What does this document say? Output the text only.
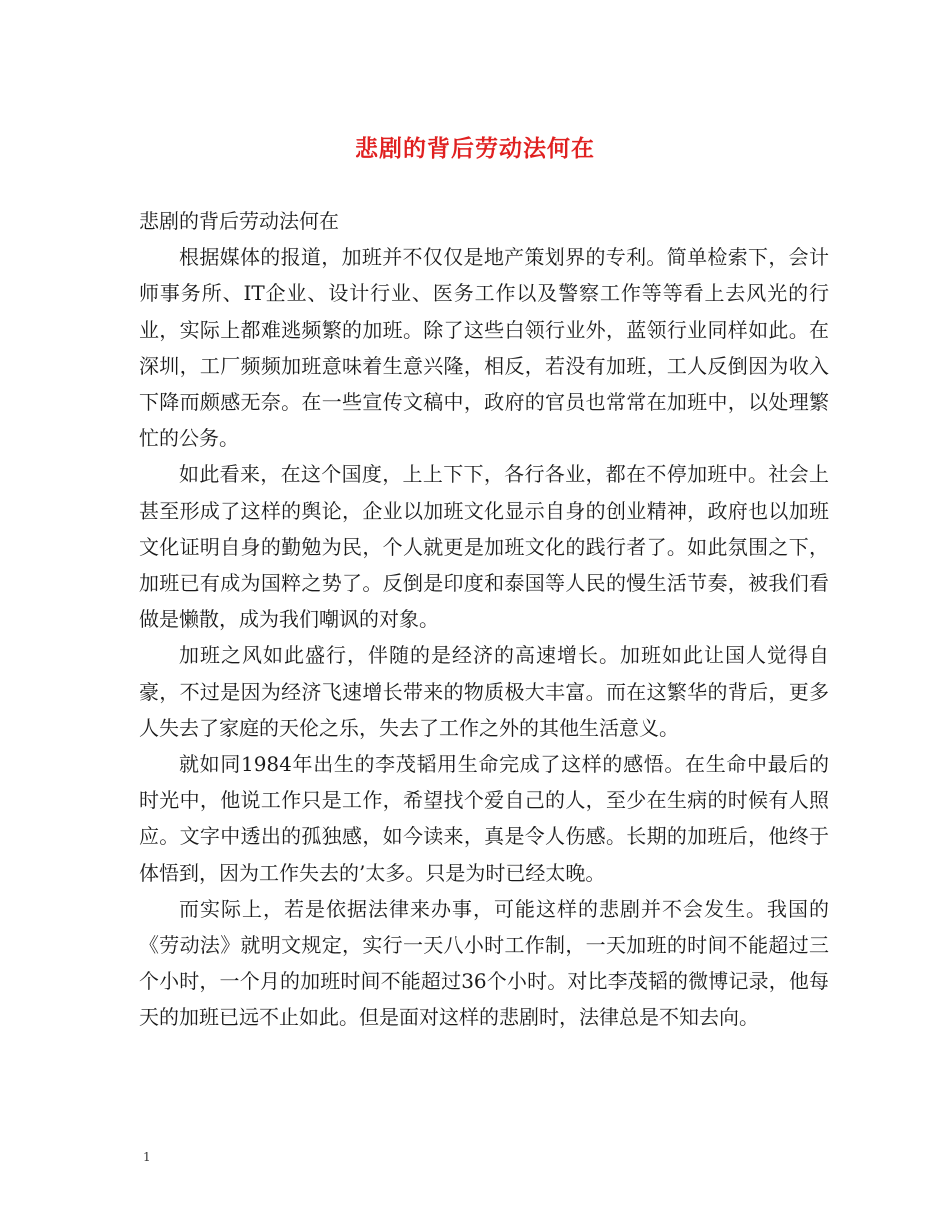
悲剧的背后劳动法何在

悲剧的背后劳动法何在

根据媒体的报道，加班并不仅仅是地产策划界的专利。简单检索下，会计师事务所、IT企业、设计行业、医务工作以及警察工作等等看上去风光的行业，实际上都难逃频繁的加班。除了这些白领行业外，蓝领行业同样如此。在深圳，工厂频频加班意味着生意兴隆，相反，若没有加班，工人反倒因为收入下降而颇感无奈。在一些宣传文稿中，政府的官员也常常在加班中，以处理繁忙的公务。

如此看来，在这个国度，上上下下，各行各业，都在不停加班中。社会上甚至形成了这样的舆论，企业以加班文化显示自身的创业精神，政府也以加班文化证明自身的勤勉为民，个人就更是加班文化的践行者了。如此氛围之下，加班已有成为国粹之势了。反倒是印度和泰国等人民的慢生活节奏，被我们看做是懒散，成为我们嘲讽的对象。

加班之风如此盛行，伴随的是经济的高速增长。加班如此让国人觉得自豪，不过是因为经济飞速增长带来的物质极大丰富。而在这繁华的背后，更多人失去了家庭的天伦之乐，失去了工作之外的其他生活意义。

就如同1984年出生的李茂韬用生命完成了这样的感悟。在生命中最后的时光中，他说工作只是工作，希望找个爱自己的人，至少在生病的时候有人照应。文字中透出的孤独感，如今读来，真是令人伤感。长期的加班后，他终于体悟到，因为工作失去的’太多。只是为时已经太晚。

而实际上，若是依据法律来办事，可能这样的悲剧并不会发生。我国的《劳动法》就明文规定，实行一天八小时工作制，一天加班的时间不能超过三个小时，一个月的加班时间不能超过36个小时。对比李茂韬的微博记录，他每天的加班已远不止如此。但是面对这样的悲剧时，法律总是不知去向。

1
